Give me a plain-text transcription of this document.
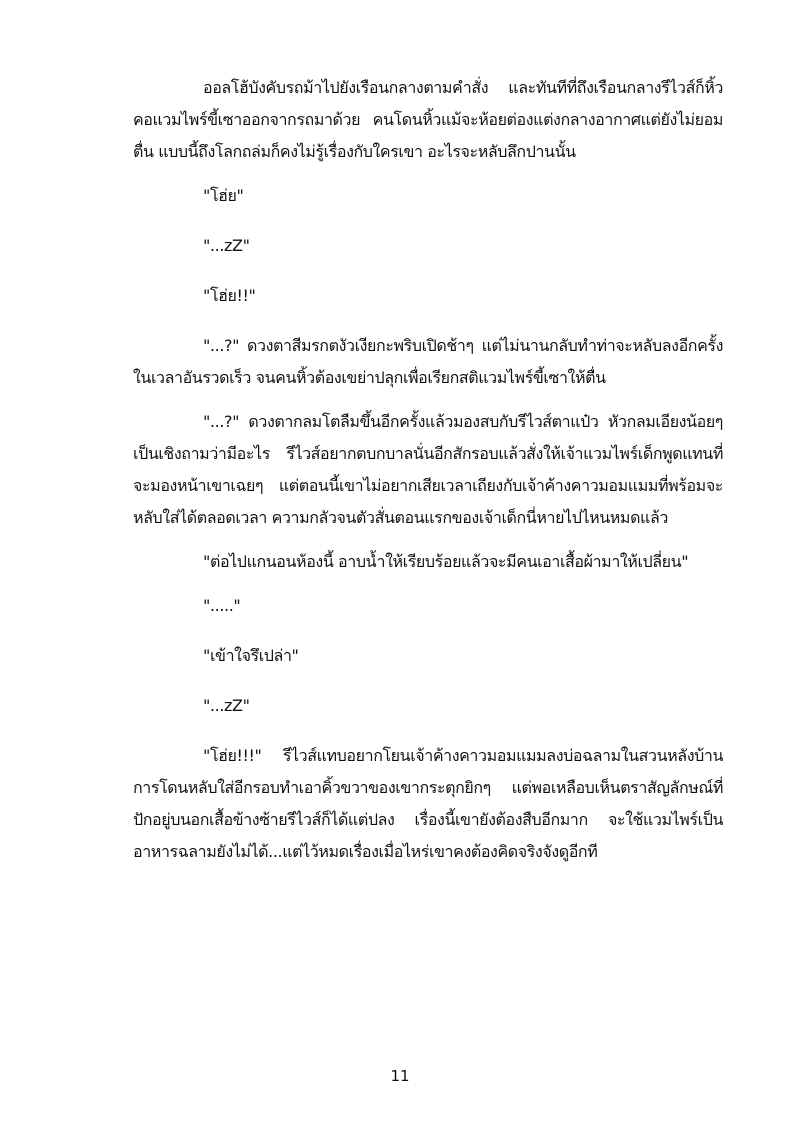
ออลโฮ้บังคับรถม้าไปยังเรือนกลางตามคำสั่ง และทันทีที่ถึงเรือนกลางรีไวส์ก็หิ้วคอแวมไพร์ขี้เซาออกจากรถมาด้วย คนโดนหิ้วแม้จะห้อยต่องแต่งกลางอากาศแต่ยังไม่ยอมตื่น แบบนี้ถึงโลกถล่มก็คงไม่รู้เรื่องกับใครเขา อะไรจะหลับลึกปานนั้น

"โฮ่ย"

"...zZ"

"โฮ่ย!!"

"...?" ดวงตาสีมรกตงัวเงียกะพริบเปิดช้าๆ แต่ไม่นานกลับทำท่าจะหลับลงอีกครั้งในเวลาอันรวดเร็ว จนคนหิ้วต้องเขย่าปลุกเพื่อเรียกสติแวมไพร์ขี้เซาให้ตื่น

"...?" ดวงตากลมโตลืมขึ้นอีกครั้งแล้วมองสบกับรีไวส์ตาแป๋ว หัวกลมเอียงน้อยๆ เป็นเชิงถามว่ามีอะไร รีไวส์อยากตบกบาลนั่นอีกสักรอบแล้วสั่งให้เจ้าแวมไพร์เด็กพูดแทนที่จะมองหน้าเขาเฉยๆ แต่ตอนนี้เขาไม่อยากเสียเวลาเถียงกับเจ้าค้างคาวมอมแมมที่พร้อมจะหลับใส่ได้ตลอดเวลา ความกลัวจนตัวสั่นตอนแรกของเจ้าเด็กนี่หายไปไหนหมดแล้ว

"ต่อไปแกนอนห้องนี้ อาบน้ำให้เรียบร้อยแล้วจะมีคนเอาเสื้อผ้ามาให้เปลี่ยน"

"....."

"เข้าใจรึเปล่า"

"...zZ"

"โฮ่ย!!!" รีไวส์แทบอยากโยนเจ้าค้างคาวมอมแมมลงบ่อฉลามในสวนหลังบ้าน การโดนหลับใส่อีกรอบทำเอาคิ้วขวาของเขากระตุกยิกๆ แต่พอเหลือบเห็นตราสัญลักษณ์ที่ปักอยู่บนอกเสื้อข้างซ้ายรีไวส์ก็ได้แต่ปลง เรื่องนี้เขายังต้องสืบอีกมาก จะใช้แวมไพร์เป็นอาหารฉลามยังไม่ได้...แต่ไว้หมดเรื่องเมื่อไหร่เขาคงต้องคิดจริงจังดูอีกที

11
